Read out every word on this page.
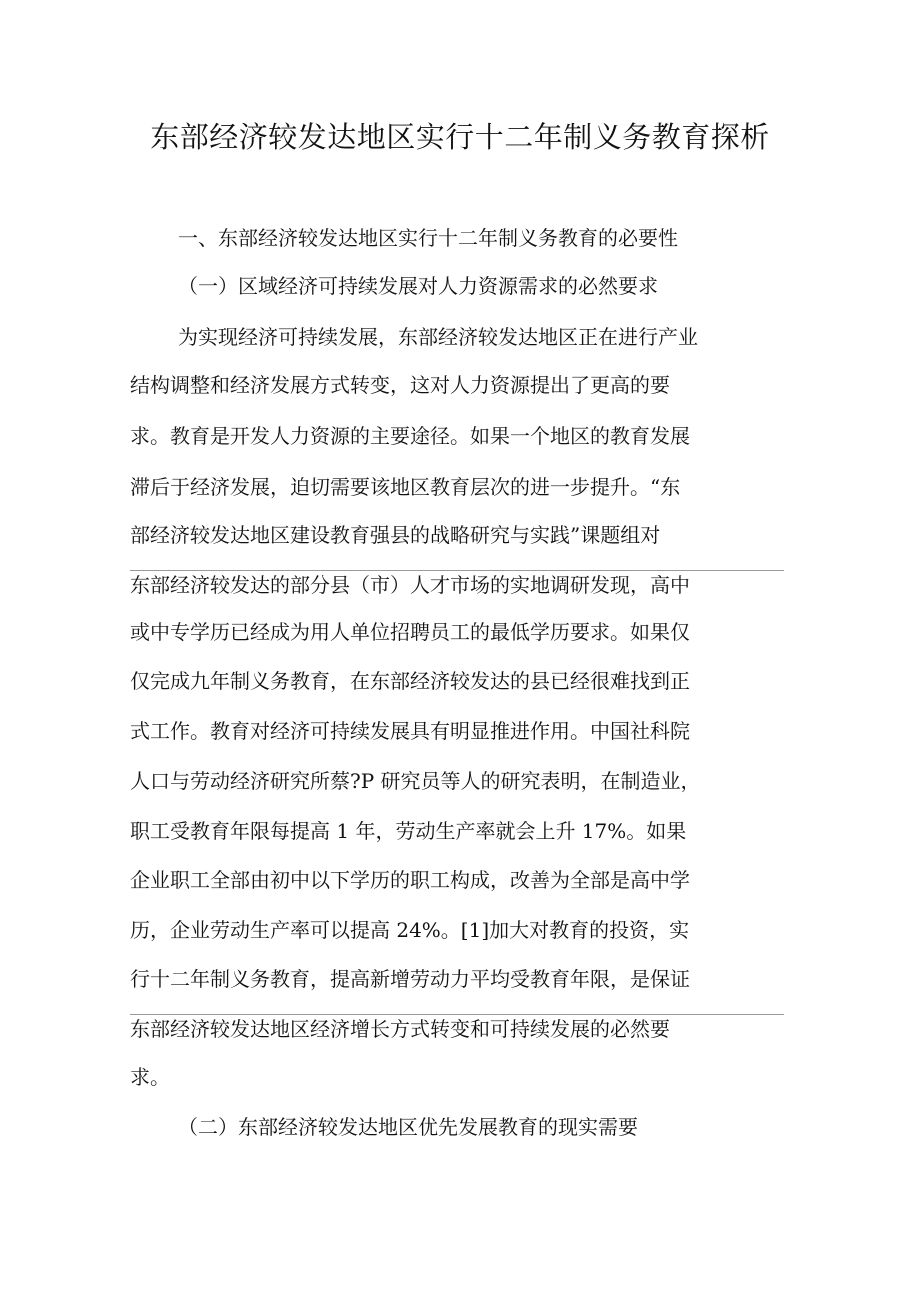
东部经济较发达地区实行十二年制义务教育探析
一、东部经济较发达地区实行十二年制义务教育的必要性
（一）区域经济可持续发展对人力资源需求的必然要求
为实现经济可持续发展，东部经济较发达地区正在进行产业
结构调整和经济发展方式转变，这对人力资源提出了更高的要
求。教育是开发人力资源的主要途径。如果一个地区的教育发展
滞后于经济发展，迫切需要该地区教育层次的进一步提升。“东
部经济较发达地区建设教育强县的战略研究与实践”课题组对
东部经济较发达的部分县（市）人才市场的实地调研发现，高中
或中专学历已经成为用人单位招聘员工的最低学历要求。如果仅
仅完成九年制义务教育，在东部经济较发达的县已经很难找到正
式工作。教育对经济可持续发展具有明显推进作用。中国社科院
人口与劳动经济研究所蔡?P 研究员等人的研究表明，在制造业，
职工受教育年限每提高 1 年，劳动生产率就会上升 17%。如果
企业职工全部由初中以下学历的职工构成，改善为全部是高中学
历，企业劳动生产率可以提高 24%。[1]加大对教育的投资，实
行十二年制义务教育，提高新增劳动力平均受教育年限，是保证
东部经济较发达地区经济增长方式转变和可持续发展的必然要
求。
（二）东部经济较发达地区优先发展教育的现实需要
